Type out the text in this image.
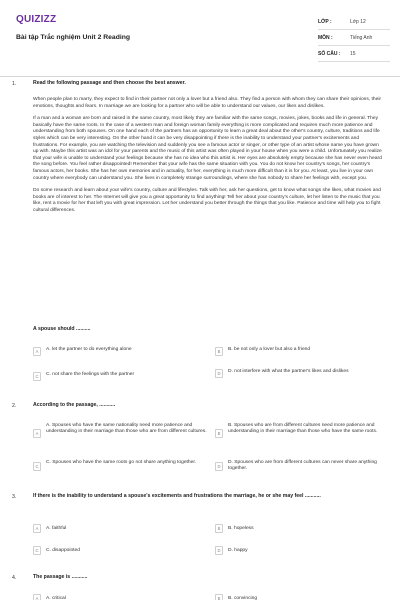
QUIZIZZ
Bài tập Trắc nghiệm Unit 2 Reading
LỚP :	Lớp 12
MÔN :	Tiếng Anh
SỐ CÂU :	15
1.	Read the following passage and then choose the best answer.

When people plan to marry, they expect to find in their partner not only a lover but a friend also. They find a person with whom they can share their opinions, their emotions, thoughts and fears. In marriage we are looking for a partner who will be able to understand our values, our likes and dislikes.

If a man and a woman are born and raised in the same country, most likely they are familiar with the same songs, movies, jokes, books and life in general. They basically have the same roots. In the case of a western man and foreign woman family everything is more complicated and requires much more patience and understanding from both spouses. On one hand each of the partners has an opportunity to learn a great deal about the other's country, culture, traditions and life styles which can be very interesting. On the other hand it can be very disappointing if there is the inability to understand your partner's excitements and frustrations. For example, you are watching the television and suddenly you see a famous actor or singer, or other type of an artist whose name you have grown up with. Maybe this artist was an idol for your parents and the music of this artist was often played in your house when you were a child. Unfortunately you realize that your wife is unable to understand your feelings because she has no idea who this artist is. Her eyes are absolutely empty because she has never even heard the song before. You feel rather disappointed! Remember that your wife has the same situation with you. You do not know her country's songs, her country's famous actors, her books. She has her own memories and in actuality, for her, everything is much more difficult than it is for you. At least, you live in your own country where everybody can understand you. She lives in completely strange surroundings, where she has nobody to share her feelings with, except you.

Do some research and learn about your wife's country, culture and lifestyles. Talk with her, ask her questions, get to know what songs she likes, what movies and books are of interest to her. The Internet will give you a great opportunity to find anything! Tell her about your country's culture, let her listen to the music that you like, rent a movie for her that left you with great impression. Let her understand you better through the things that you like. Patience and time will help you to fight cultural differences.

A spouse should ..........
A	A. let the partner to do everything alone	B	B. be not only a lover but also a friend
C	C. not share the feelings with the partner	D	D. not interfere with what the partner's likes and dislikes
2.	According to the passage, ...........
A
A. Spouses who have the same nationality need more patience and understanding in their marriage than those who are from different cultures.	B
B. Spouses who are from different cultures need more patience and understanding in their marriage than those who have the same roots.
C
C. Spouses who have the same roots go not share anything together.
D
D. Spouses who are from different cultures can never share anything together.
3.	If there is the inability to understand a spouse's excitements and frustrations the marriage, he or she may feel ...........
A	A. faithful	B	B. hopeless
C	C. disappointed	D	D. happy
4.	The passage is ...........
A	A. critical	B	B. convincing
